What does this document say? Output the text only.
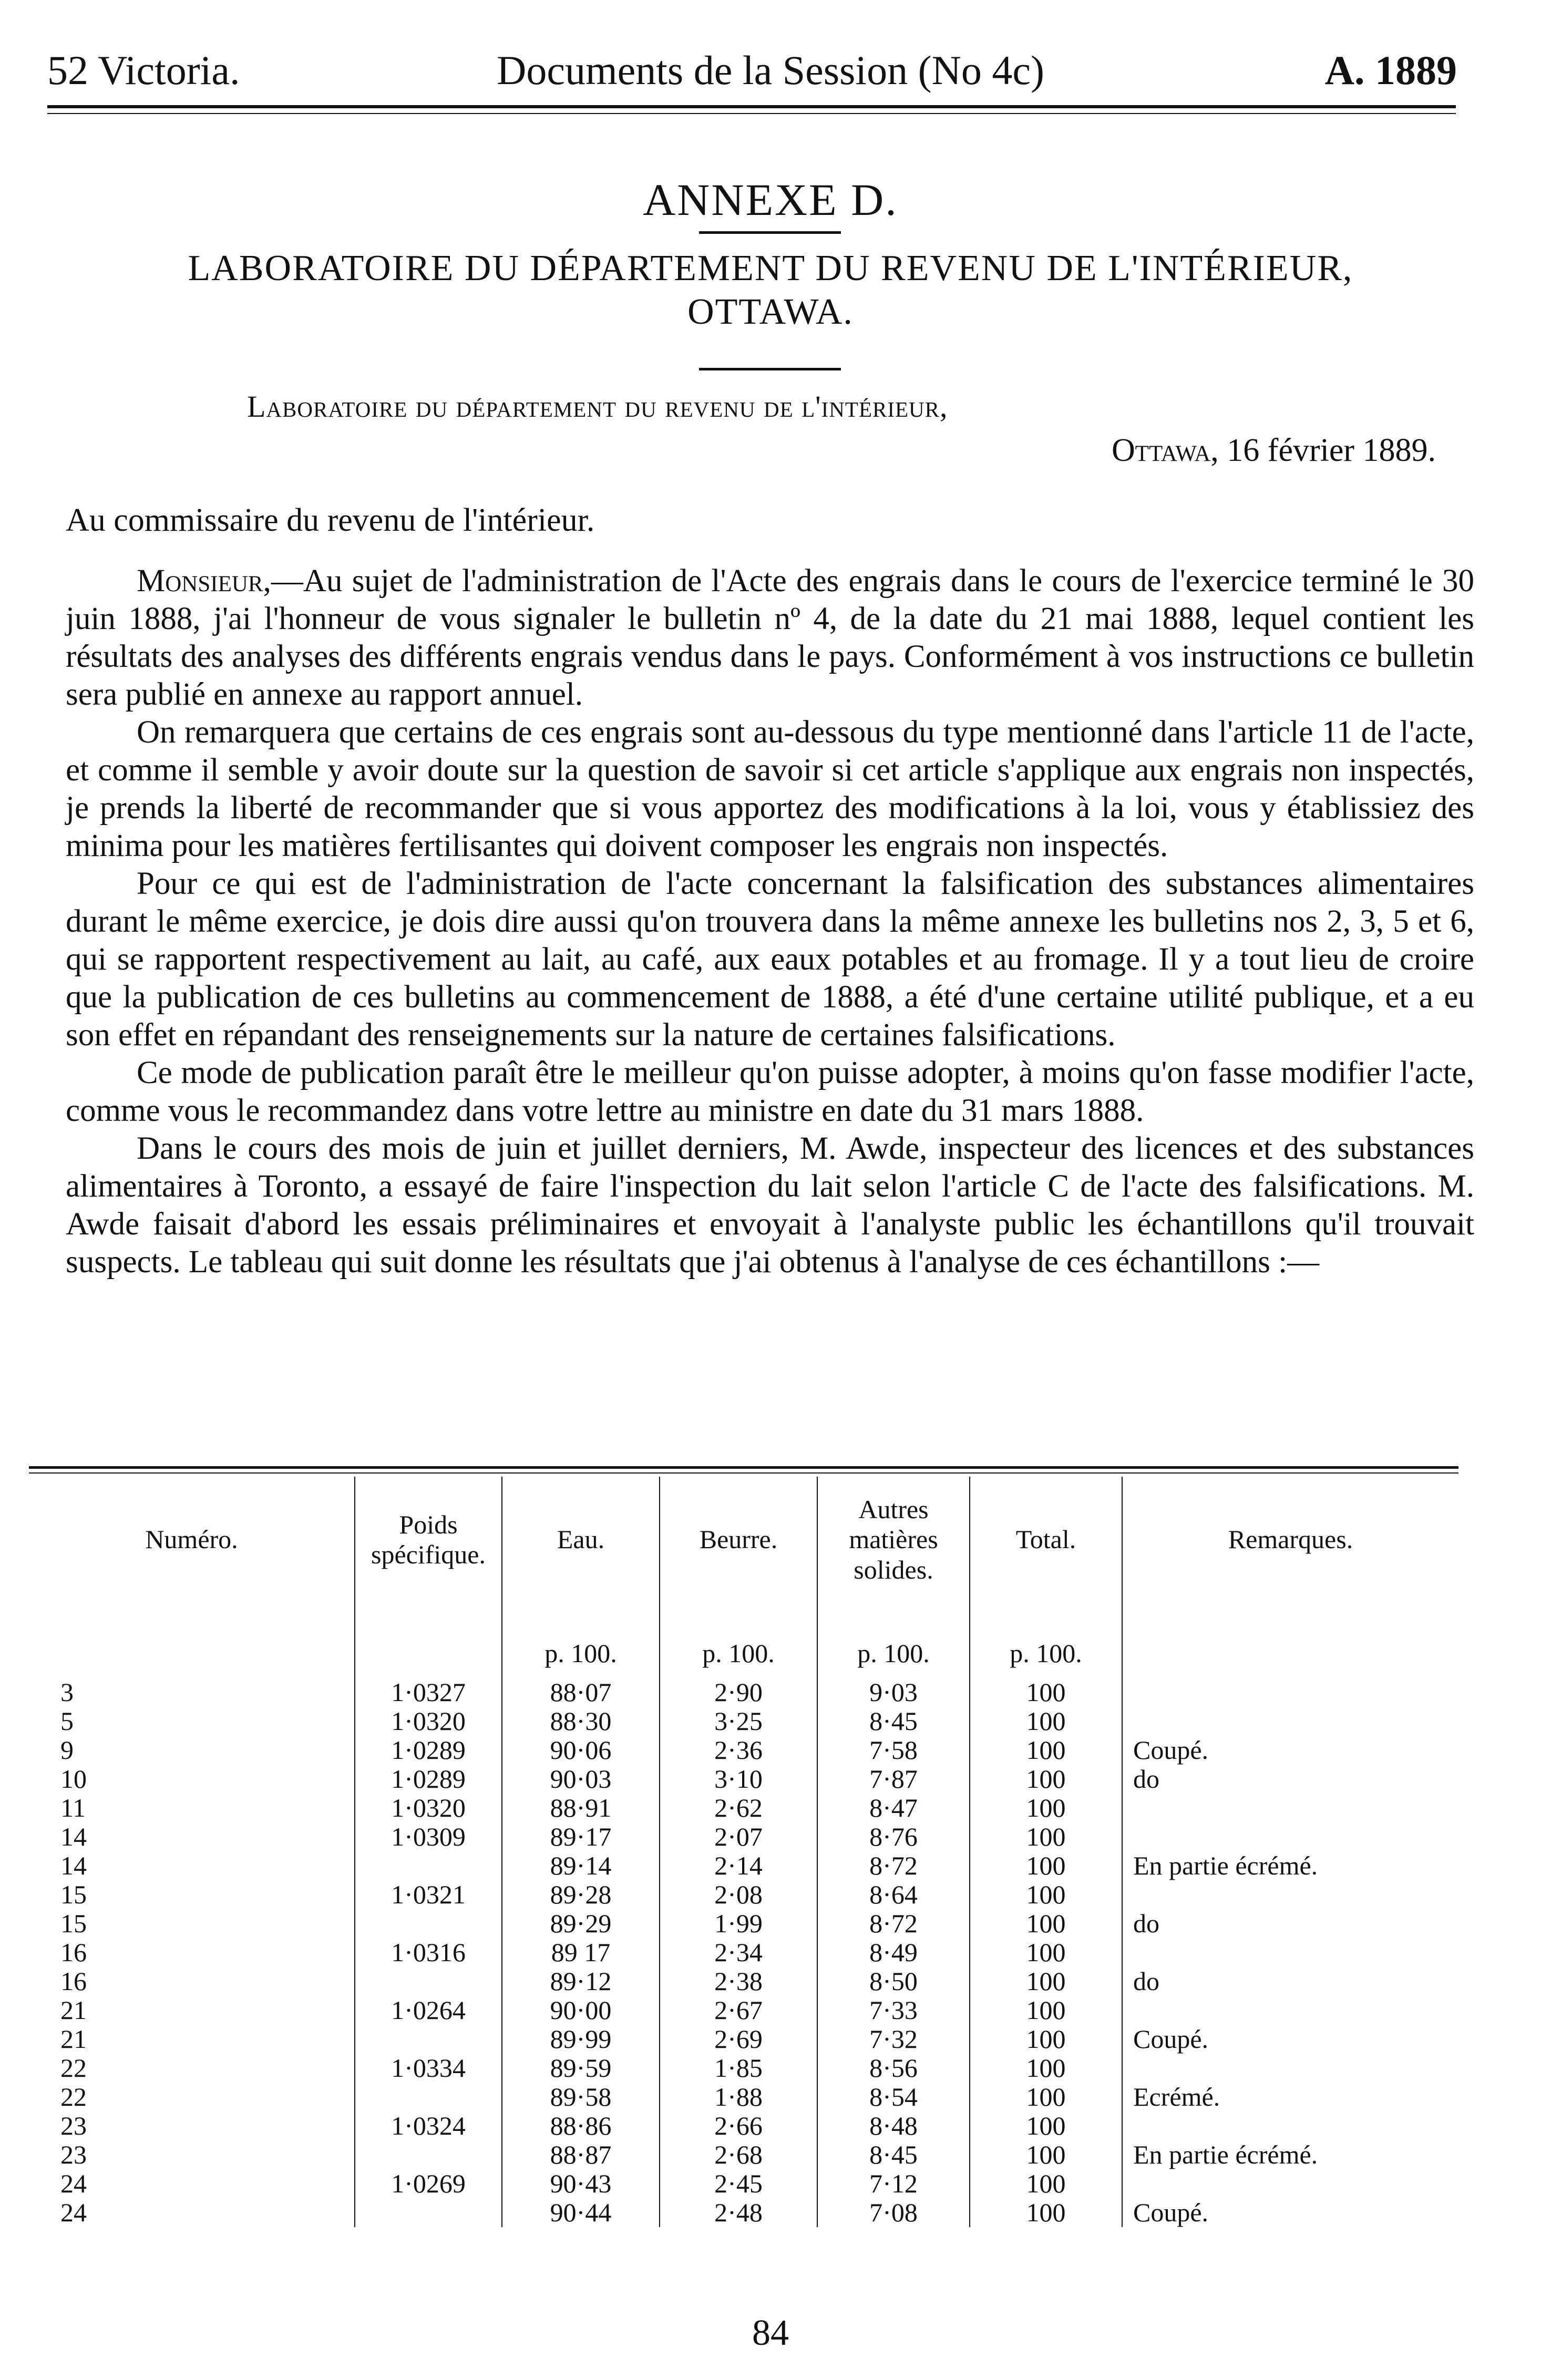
52 Victoria.	Documents de la Session (No 4c)	A. 1889
ANNEXE D.
LABORATOIRE DU DÉPARTEMENT DU REVENU DE L'INTÉRIEUR,
OTTAWA.
Laboratoire du département du revenu de l'intérieur,
Ottawa, 16 février 1889.
Au commissaire du revenu de l'intérieur.

Monsieur,—Au sujet de l'administration de l'Acte des engrais dans le cours de l'exercice terminé le 30 juin 1888, j'ai l'honneur de vous signaler le bulletin nº 4, de la date du 21 mai 1888, lequel contient les résultats des analyses des différents engrais vendus dans le pays. Conformément à vos instructions ce bulletin sera publié en annexe au rapport annuel.

On remarquera que certains de ces engrais sont au-dessous du type mentionné dans l'article 11 de l'acte, et comme il semble y avoir doute sur la question de savoir si cet article s'applique aux engrais non inspectés, je prends la liberté de recommander que si vous apportez des modifications à la loi, vous y établissiez des minima pour les matières fertilisantes qui doivent composer les engrais non inspectés.

Pour ce qui est de l'administration de l'acte concernant la falsification des substances alimentaires durant le même exercice, je dois dire aussi qu'on trouvera dans la même annexe les bulletins nos 2, 3, 5 et 6, qui se rapportent respectivement au lait, au café, aux eaux potables et au fromage. Il y a tout lieu de croire que la publication de ces bulletins au commencement de 1888, a été d'une certaine utilité publique, et a eu son effet en répandant des renseignements sur la nature de certaines falsifications.

Ce mode de publication paraît être le meilleur qu'on puisse adopter, à moins qu'on fasse modifier l'acte, comme vous le recommandez dans votre lettre au ministre en date du 31 mars 1888.

Dans le cours des mois de juin et juillet derniers, M. Awde, inspecteur des licences et des substances alimentaires à Toronto, a essayé de faire l'inspection du lait selon l'article C de l'acte des falsifications. M. Awde faisait d'abord les essais préliminaires et envoyait à l'analyste public les échantillons qu'il trouvait suspects. Le tableau qui suit donne les résultats que j'ai obtenus à l'analyse de ces échantillons :—

Numéro.	Poids spécifique.	Eau.	Beurre.	Autres matières solides.	Total.	Remarques.
		p. 100.	p. 100.	p. 100.	p. 100.	
3	1·0327	88·07	2·90	9·03	100	
5	1·0320	88·30	3·25	8·45	100	
9	1·0289	90·06	2·36	7·58	100	Coupé.
10	1·0289	90·03	3·10	7·87	100	do
11	1·0320	88·91	2·62	8·47	100	
14	1·0309	89·17	2·07	8·76	100	
14		89·14	2·14	8·72	100	En partie écrémé.
15	1·0321	89·28	2·08	8·64	100	
15		89·29	1·99	8·72	100	do
16	1·0316	89 17	2·34	8·49	100	
16		89·12	2·38	8·50	100	do
21	1·0264	90·00	2·67	7·33	100	
21		89·99	2·69	7·32	100	Coupé.
22	1·0334	89·59	1·85	8·56	100	
22		89·58	1·88	8·54	100	Ecrémé.
23	1·0324	88·86	2·66	8·48	100	
23		88·87	2·68	8·45	100	En partie écrémé.
24	1·0269	90·43	2·45	7·12	100	
24		90·44	2·48	7·08	100	Coupé.
84
